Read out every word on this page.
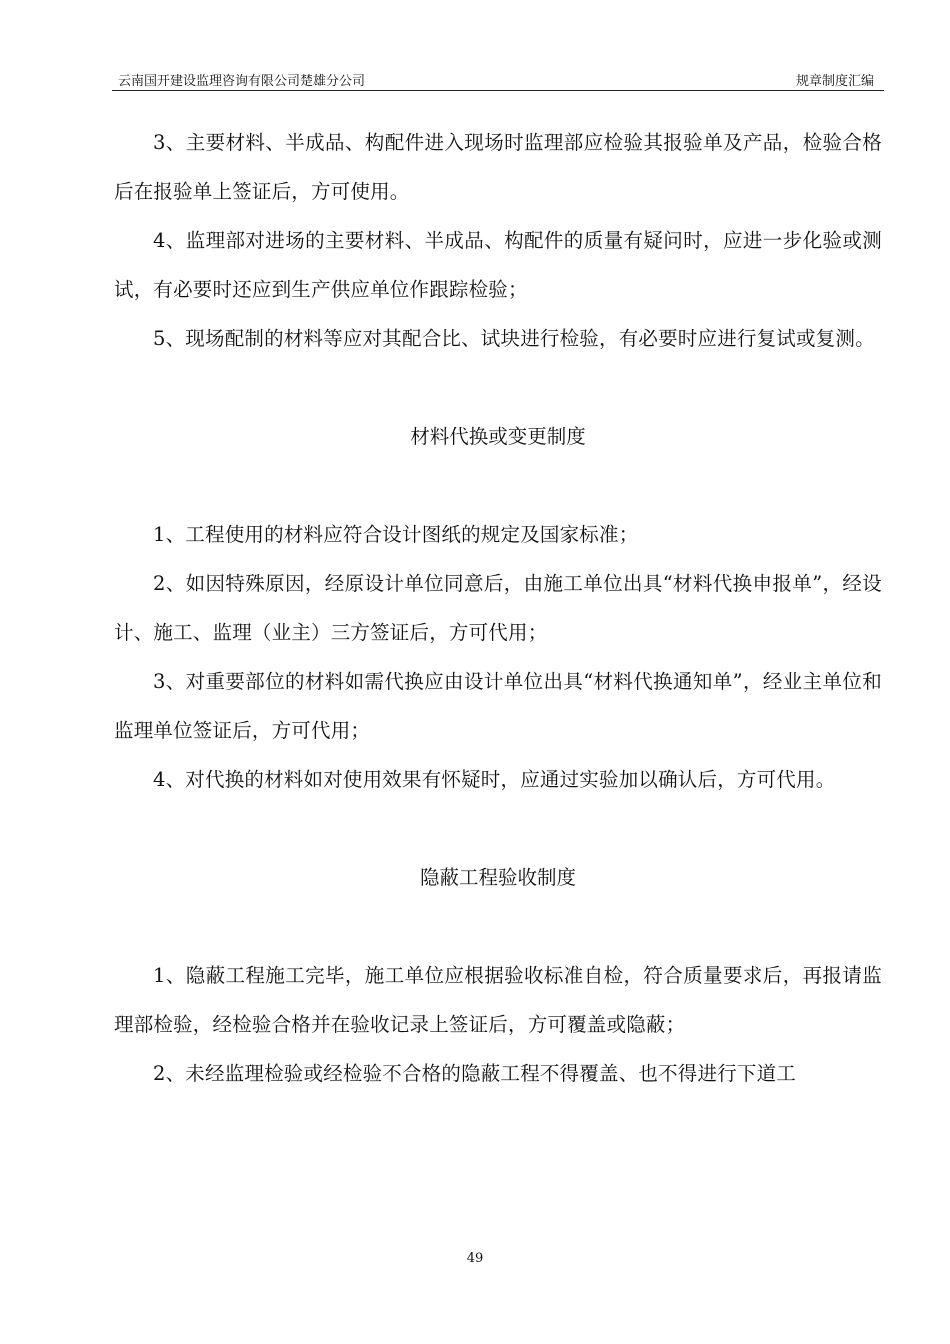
云南国开建设监理咨询有限公司楚雄分公司	规章制度汇编

3、主要材料、半成品、构配件进入现场时监理部应检验其报验单及产品，检验合格后在报验单上签证后，方可使用。

4、监理部对进场的主要材料、半成品、构配件的质量有疑问时，应进一步化验或测试，有必要时还应到生产供应单位作跟踪检验；

5、现场配制的材料等应对其配合比、试块进行检验，有必要时应进行复试或复测。

材料代换或变更制度

1、工程使用的材料应符合设计图纸的规定及国家标准；

2、如因特殊原因，经原设计单位同意后，由施工单位出具“材料代换申报单”，经设计、施工、监理（业主）三方签证后，方可代用；

3、对重要部位的材料如需代换应由设计单位出具“材料代换通知单”，经业主单位和监理单位签证后，方可代用；

4、对代换的材料如对使用效果有怀疑时，应通过实验加以确认后，方可代用。

隐蔽工程验收制度

1、隐蔽工程施工完毕，施工单位应根据验收标准自检，符合质量要求后，再报请监理部检验，经检验合格并在验收记录上签证后，方可覆盖或隐蔽；

2、未经监理检验或经检验不合格的隐蔽工程不得覆盖、也不得进行下道工

49
